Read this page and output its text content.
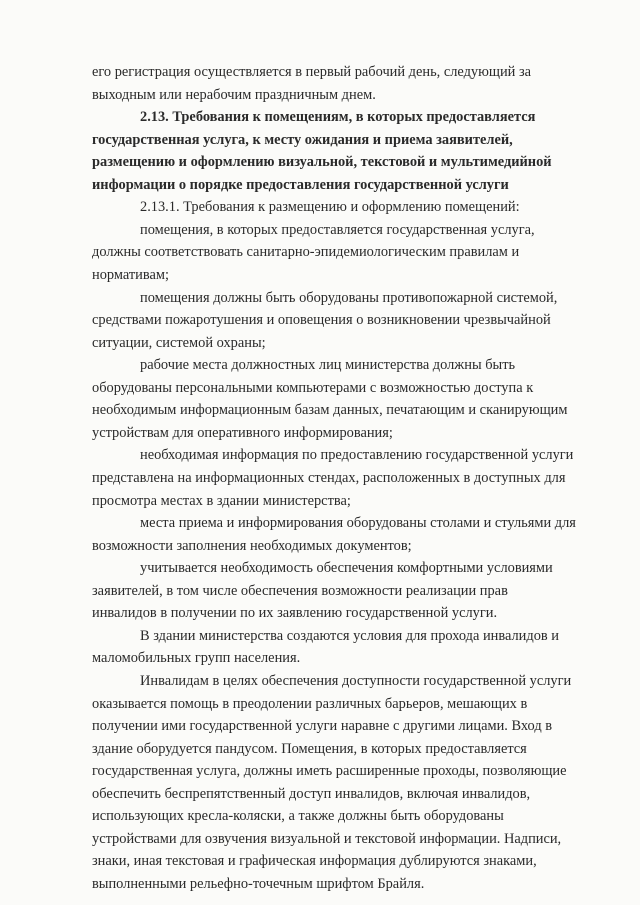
его регистрация осуществляется в первый рабочий день, следующий за
выходным или нерабочим праздничным днем.
2.13. Требования к помещениям, в которых предоставляется
государственная услуга, к месту ожидания и приема заявителей,
размещению и оформлению визуальной, текстовой и мультимедийной
информации о порядке предоставления государственной услуги
2.13.1. Требования к размещению и оформлению помещений:
помещения, в которых предоставляется государственная услуга,
должны соответствовать санитарно-эпидемиологическим правилам и
нормативам;
помещения должны быть оборудованы противопожарной системой,
средствами пожаротушения и оповещения о возникновении чрезвычайной
ситуации, системой охраны;
рабочие места должностных лиц министерства должны быть
оборудованы персональными компьютерами с возможностью доступа к
необходимым информационным базам данных, печатающим и сканирующим
устройствам для оперативного информирования;
необходимая информация по предоставлению государственной услуги
представлена на информационных стендах, расположенных в доступных для
просмотра местах в здании министерства;
места приема и информирования оборудованы столами и стульями для
возможности заполнения необходимых документов;
учитывается необходимость обеспечения комфортными условиями
заявителей, в том числе обеспечения возможности реализации прав
инвалидов в получении по их заявлению государственной услуги.
В здании министерства создаются условия для прохода инвалидов и
маломобильных групп населения.
Инвалидам в целях обеспечения доступности государственной услуги
оказывается помощь в преодолении различных барьеров, мешающих в
получении ими государственной услуги наравне с другими лицами. Вход в
здание оборудуется пандусом. Помещения, в которых предоставляется
государственная услуга, должны иметь расширенные проходы, позволяющие
обеспечить беспрепятственный доступ инвалидов, включая инвалидов,
использующих кресла-коляски, а также должны быть оборудованы
устройствами для озвучения визуальной и текстовой информации. Надписи,
знаки, иная текстовая и графическая информация дублируются знаками,
выполненными рельефно-точечным шрифтом Брайля.
